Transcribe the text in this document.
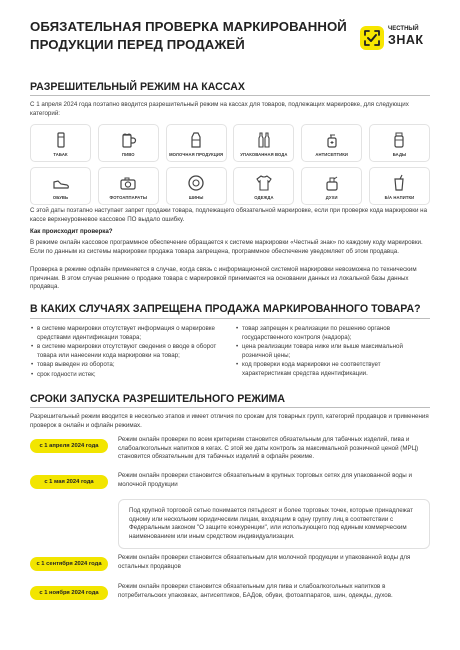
ОБЯЗАТЕЛЬНАЯ ПРОВЕРКА МАРКИРОВАННОЙ
ПРОДУКЦИИ ПЕРЕД ПРОДАЖЕЙ
ЧЕСТНЫЙ
ЗНАК
РАЗРЕШИТЕЛЬНЫЙ РЕЖИМ НА КАССАХ
С 1 апреля 2024 года поэтапно вводится разрешительный режим на кассах для товаров, подлежащих маркировке, для следующих категорий:
ТАБАК	ПИВО	МОЛОЧНАЯ ПРОДУКЦИЯ	УПАКОВАННАЯ ВОДА	АНТИСЕПТИКИ	БАДЫ
ОБУВЬ	ФОТОАППАРАТЫ	ШИНЫ	ОДЕЖДА	ДУХИ	Б/А НАПИТКИ
С этой даты поэтапно наступает запрет продажи товара, подлежащего обязательной маркировке, если при проверке кода маркировки на кассе верхнеуровневое кассовое ПО выдало ошибку.
Как происходит проверка?
В режиме онлайн кассовое программное обеспечение обращается к системе маркировки «Честный знак» по каждому коду маркировки. Если по данным из системы маркировки продажа товара запрещена, программное обеспечение уведомляет об этом продавца.
Проверка в режиме офлайн применяется в случае, когда связь с информационной системой маркировки невозможна по техническим причинам. В этом случае решение о продаже товара с маркировкой принимается на основании данных из локальной базы данных продавца.
В КАКИХ СЛУЧАЯХ ЗАПРЕЩЕНА ПРОДАЖА МАРКИРОВАННОГО ТОВАРА?
• в системе маркировки отсутствует информация о маркировке средствами идентификации товара;
• в системе маркировки отсутствуют сведения о вводе в оборот товара или нанесении кода маркировки на товар;
• товар выведен из оборота;
• срок годности истек;
• товар запрещен к реализации по решению органов государственного контроля (надзора);
• цена реализации товара ниже или выше максимальной розничной цены;
• код проверки кода маркировки не соответствует характеристикам средства идентификации.
СРОКИ ЗАПУСКА РАЗРЕШИТЕЛЬНОГО РЕЖИМА
Разрешительный режим вводится в несколько этапов и имеет отличия по срокам для товарных групп, категорий продавцов и применения проверок в онлайн и офлайн режимах.
с 1 апреля 2024 года
Режим онлайн проверки по всем критериям становится обязательным для табачных изделий, пива и слабоалкогольных напитков в кегах. С этой же даты контроль за максимальной розничной ценой (МРЦ) становится обязательным для табачных изделий в офлайн режиме.
с 1 мая 2024 года
Режим онлайн проверки становится обязательным в крупных торговых сетях для упакованной воды и молочной продукции
Под крупной торговой сетью понимается пятьдесят и более торговых точек, которые принадлежат одному или нескольким юридическим лицам, входящим в одну группу лиц в соответствии с Федеральным законом "О защите конкуренции", или использующего под единым коммерческим наименованием или иным средством индивидуализации.
с 1 сентября 2024 года
Режим онлайн проверки становится обязательным для молочной продукции и упакованной воды для остальных продавцов
с 1 ноября 2024 года
Режим онлайн проверки становится обязательным для пива и слабоалкогольных напитков в потребительских упаковках, антисептиков, БАДов, обуви, фотоаппаратов, шин, одежды, духов.
